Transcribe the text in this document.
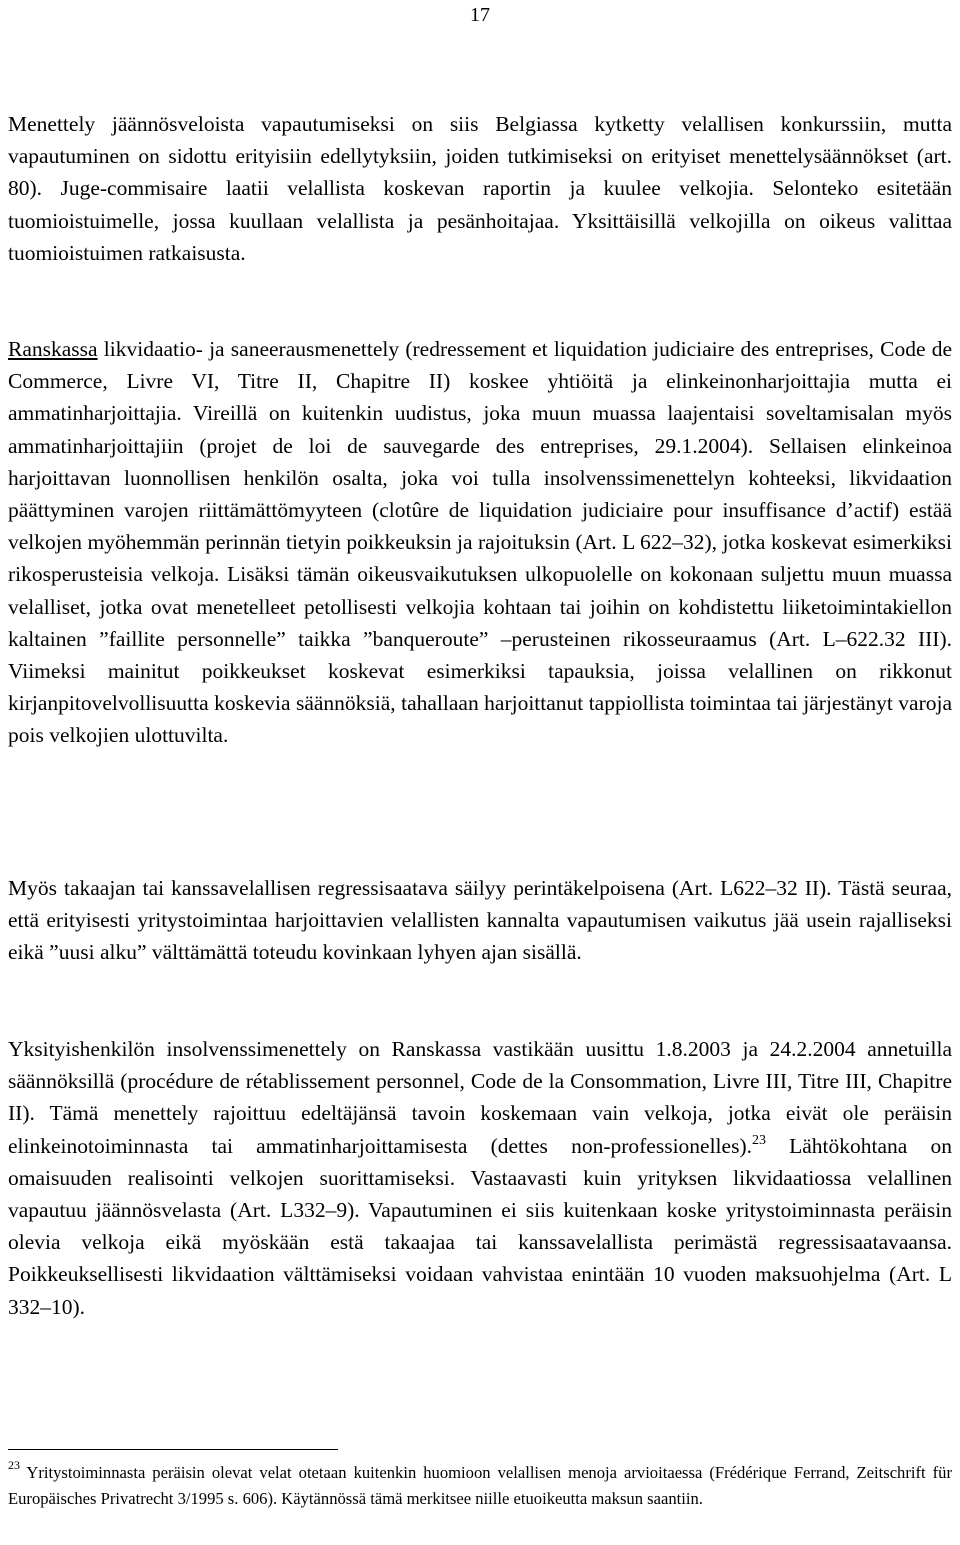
17

Menettely jäännösveloista vapautumiseksi on siis Belgiassa kytketty velallisen konkurssiin, mutta vapautuminen on sidottu erityisiin edellytyksiin, joiden tutkimiseksi on erityiset menettelysäännökset (art. 80). Juge-commisaire laatii velallista koskevan raportin ja kuulee velkojia. Selonteko esitetään tuomioistuimelle, jossa kuullaan velallista ja pesänhoitajaa. Yksittäisillä velkojilla on oikeus valittaa tuomioistuimen ratkaisusta.

Ranskassa likvidaatio- ja saneerausmenettely (redressement et liquidation judiciaire des entreprises, Code de Commerce, Livre VI, Titre II, Chapitre II) koskee yhtiöitä ja elinkeinonharjoittajia mutta ei ammatinharjoittajia. Vireillä on kuitenkin uudistus, joka muun muassa laajentaisi soveltamisalan myös ammatinharjoittajiin (projet de loi de sauvegarde des entreprises, 29.1.2004). Sellaisen elinkeinoa harjoittavan luonnollisen henkilön osalta, joka voi tulla insolvenssimenettelyn kohteeksi, likvidaation päättyminen varojen riittämättömyyteen (clotûre de liquidation judiciaire pour insuffisance d’actif) estää velkojen myöhemmän perinnän tietyin poikkeuksin ja rajoituksin (Art. L 622–32), jotka koskevat esimerkiksi rikosperusteisia velkoja. Lisäksi tämän oikeusvaikutuksen ulkopuolelle on kokonaan suljettu muun muassa velalliset, jotka ovat menetelleet petollisesti velkojia kohtaan tai joihin on kohdistettu liiketoimintakiellon kaltainen ”faillite personnelle” taikka ”banqueroute” –perusteinen rikosseuraamus (Art. L–622.32 III). Viimeksi mainitut poikkeukset koskevat esimerkiksi tapauksia, joissa velallinen on rikkonut kirjanpitovelvollisuutta koskevia säännöksiä, tahallaan harjoittanut tappiollista toimintaa tai järjestänyt varoja pois velkojien ulottuvilta.

Myös takaajan tai kanssavelallisen regressisaatava säilyy perintäkelpoisena (Art. L622–32 II). Tästä seuraa, että erityisesti yritystoimintaa harjoittavien velallisten kannalta vapautumisen vaikutus jää usein rajalliseksi eikä ”uusi alku” välttämättä toteudu kovinkaan lyhyen ajan sisällä.

Yksityishenkilön insolvenssimenettely on Ranskassa vastikään uusittu 1.8.2003 ja 24.2.2004 annetuilla säännöksillä (procédure de rétablissement personnel, Code de la Consommation, Livre III, Titre III, Chapitre II). Tämä menettely rajoittuu edeltäjänsä tavoin koskemaan vain velkoja, jotka eivät ole peräisin elinkeinotoiminnasta tai ammatinharjoittamisesta (dettes non-professionelles).$^{23}$ Lähtökohtana on omaisuuden realisointi velkojen suorittamiseksi. Vastaavasti kuin yrityksen likvidaatiossa velallinen vapautuu jäännösvelasta (Art. L332–9). Vapautuminen ei siis kuitenkaan koske yritystoiminnasta peräisin olevia velkoja eikä myöskään estä takaajaa tai kanssavelallista perimästä regressisaatavaansa. Poikkeuksellisesti likvidaation välttämiseksi voidaan vahvistaa enintään 10 vuoden maksuohjelma (Art. L 332–10).

$^{23}$ Yritystoiminnasta peräisin olevat velat otetaan kuitenkin huomioon velallisen menoja arvioitaessa (Frédérique Ferrand, Zeitschrift für Europäisches Privatrecht 3/1995 s. 606). Käytännössä tämä merkitsee niille etuoikeutta maksun saantiin.
